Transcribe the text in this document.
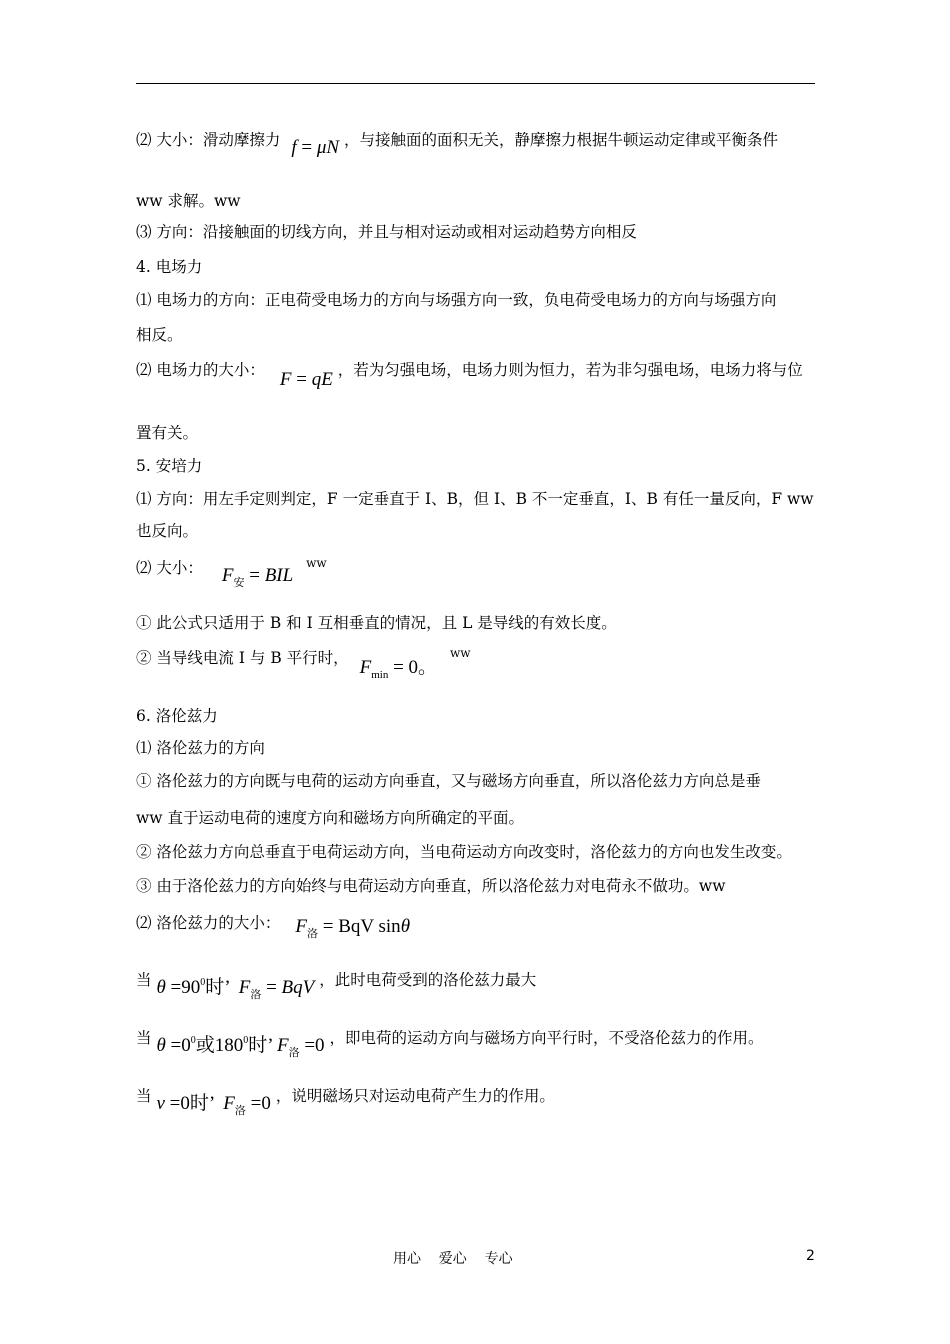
⑵ 大小：滑动摩擦力 f = μN ，与接触面的面积无关，静摩擦力根据牛顿运动定律或平衡条件
ww 求解。ww
⑶ 方向：沿接触面的切线方向，并且与相对运动或相对运动趋势方向相反
4. 电场力
⑴ 电场力的方向：正电荷受电场力的方向与场强方向一致，负电荷受电场力的方向与场强方向
相反。
⑵ 电场力的大小： F = qE ，若为匀强电场，电场力则为恒力，若为非匀强电场，电场力将与位
置有关。
5. 安培力
⑴ 方向：用左手定则判定，F 一定垂直于 I、B，但 I、B 不一定垂直，I、B 有任一量反向，F ww
也反向。
⑵ 大小： $F_安$ = BIL $^{ww}$
① 此公式只适用于 B 和 I 互相垂直的情况，且 L 是导线的有效长度。
② 当导线电流 I 与 B 平行时， $F_{min} = 0$。 $^{ww}$
6. 洛伦兹力
⑴ 洛伦兹力的方向
① 洛伦兹力的方向既与电荷的运动方向垂直，又与磁场方向垂直，所以洛伦兹力方向总是垂
ww 直于运动电荷的速度方向和磁场方向所确定的平面。
② 洛伦兹力方向总垂直于电荷运动方向，当电荷运动方向改变时，洛伦兹力的方向也发生改变。
③ 由于洛伦兹力的方向始终与电荷运动方向垂直，所以洛伦兹力对电荷永不做功。ww
⑵ 洛伦兹力的大小： $F_洛$ = BqV sinθ
当 $\theta =90^0$时’  $F_洛$ = BqV ，此时电荷受到的洛伦兹力最大
当 $\theta =0^0$或$180^0$时’ $F_洛 =0$ ，即电荷的运动方向与磁场方向平行时，不受洛伦兹力的作用。
当 v =0时’  $F_洛 =0$ ，说明磁场只对运动电荷产生力的作用。
用心    爱心    专心	2
